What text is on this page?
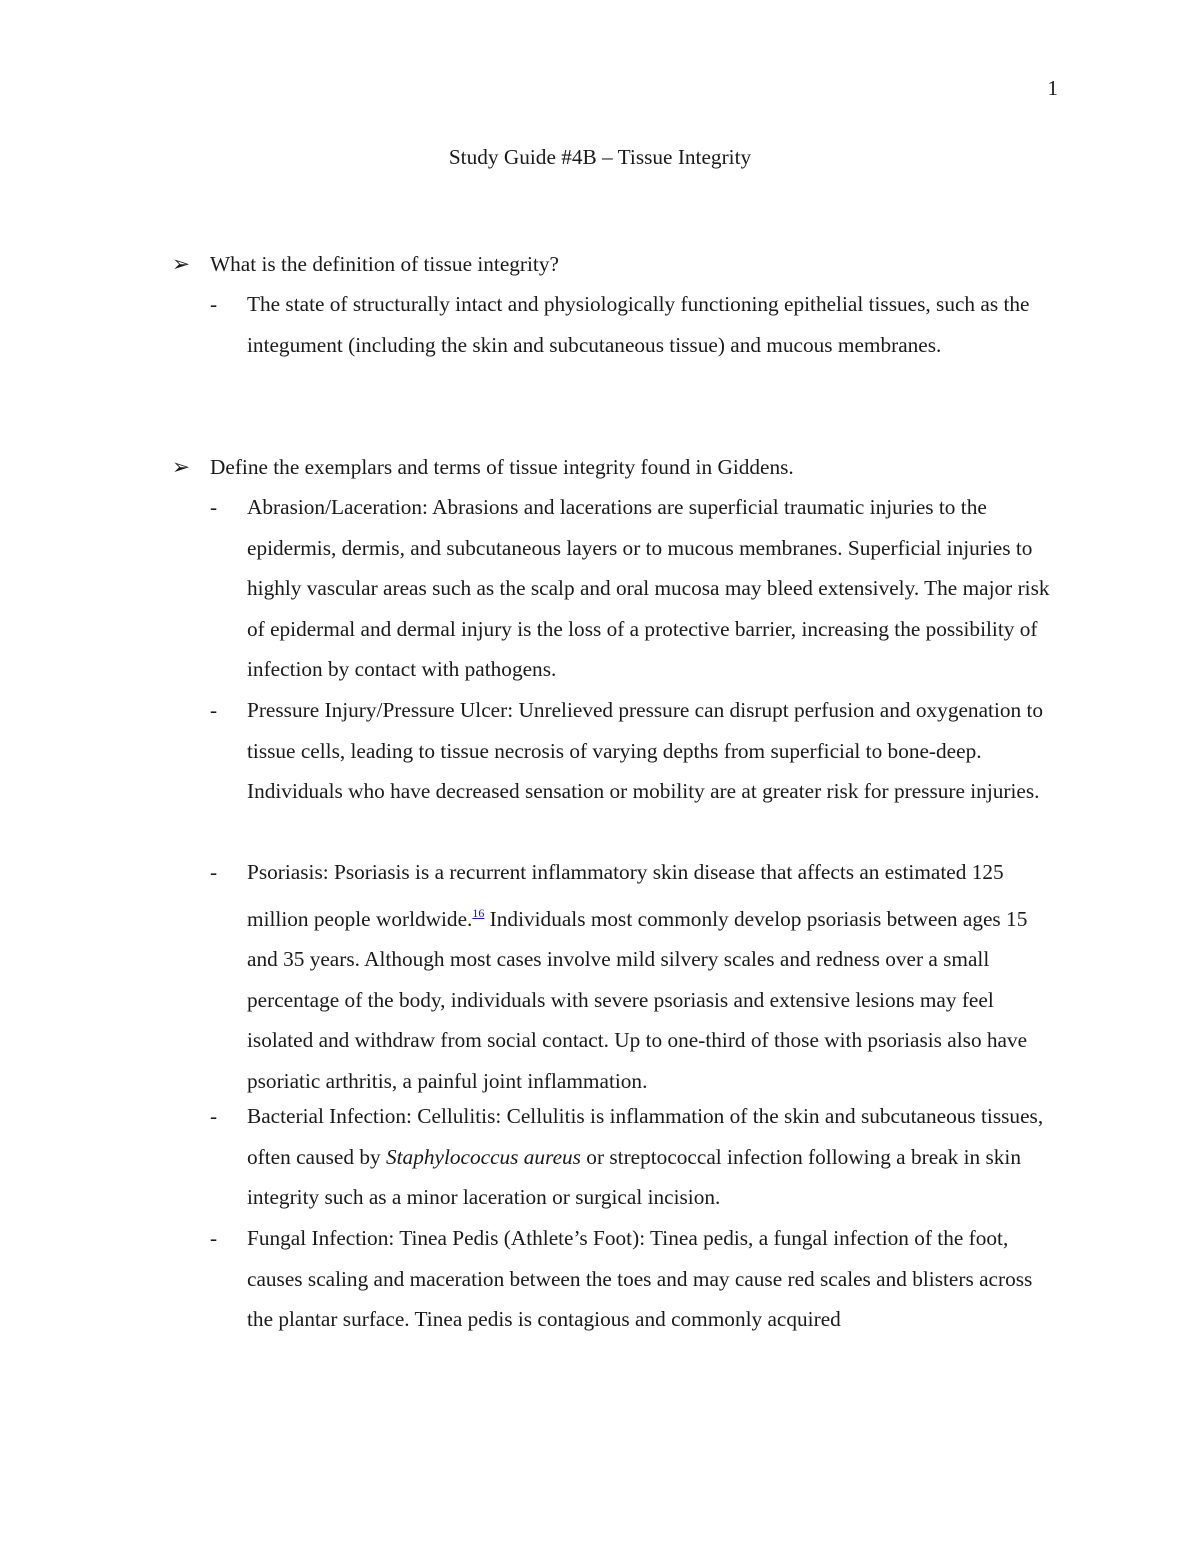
1
Study Guide #4B – Tissue Integrity
➢ What is the definition of tissue integrity?
- The state of structurally intact and physiologically functioning epithelial tissues, such as the integument (including the skin and subcutaneous tissue) and mucous membranes.
➢ Define the exemplars and terms of tissue integrity found in Giddens.
- Abrasion/Laceration: Abrasions and lacerations are superficial traumatic injuries to the epidermis, dermis, and subcutaneous layers or to mucous membranes. Superficial injuries to highly vascular areas such as the scalp and oral mucosa may bleed extensively. The major risk of epidermal and dermal injury is the loss of a protective barrier, increasing the possibility of infection by contact with pathogens.
- Pressure Injury/Pressure Ulcer: Unrelieved pressure can disrupt perfusion and oxygenation to tissue cells, leading to tissue necrosis of varying depths from superficial to bone-deep. Individuals who have decreased sensation or mobility are at greater risk for pressure injuries.
- Psoriasis: Psoriasis is a recurrent inflammatory skin disease that affects an estimated 125 million people worldwide.$^{16}$ Individuals most commonly develop psoriasis between ages 15 and 35 years. Although most cases involve mild silvery scales and redness over a small percentage of the body, individuals with severe psoriasis and extensive lesions may feel isolated and withdraw from social contact. Up to one-third of those with psoriasis also have psoriatic arthritis, a painful joint inflammation.
- Bacterial Infection: Cellulitis: Cellulitis is inflammation of the skin and subcutaneous tissues, often caused by Staphylococcus aureus or streptococcal infection following a break in skin integrity such as a minor laceration or surgical incision.
- Fungal Infection: Tinea Pedis (Athlete’s Foot): Tinea pedis, a fungal infection of the foot, causes scaling and maceration between the toes and may cause red scales and blisters across the plantar surface. Tinea pedis is contagious and commonly acquired
